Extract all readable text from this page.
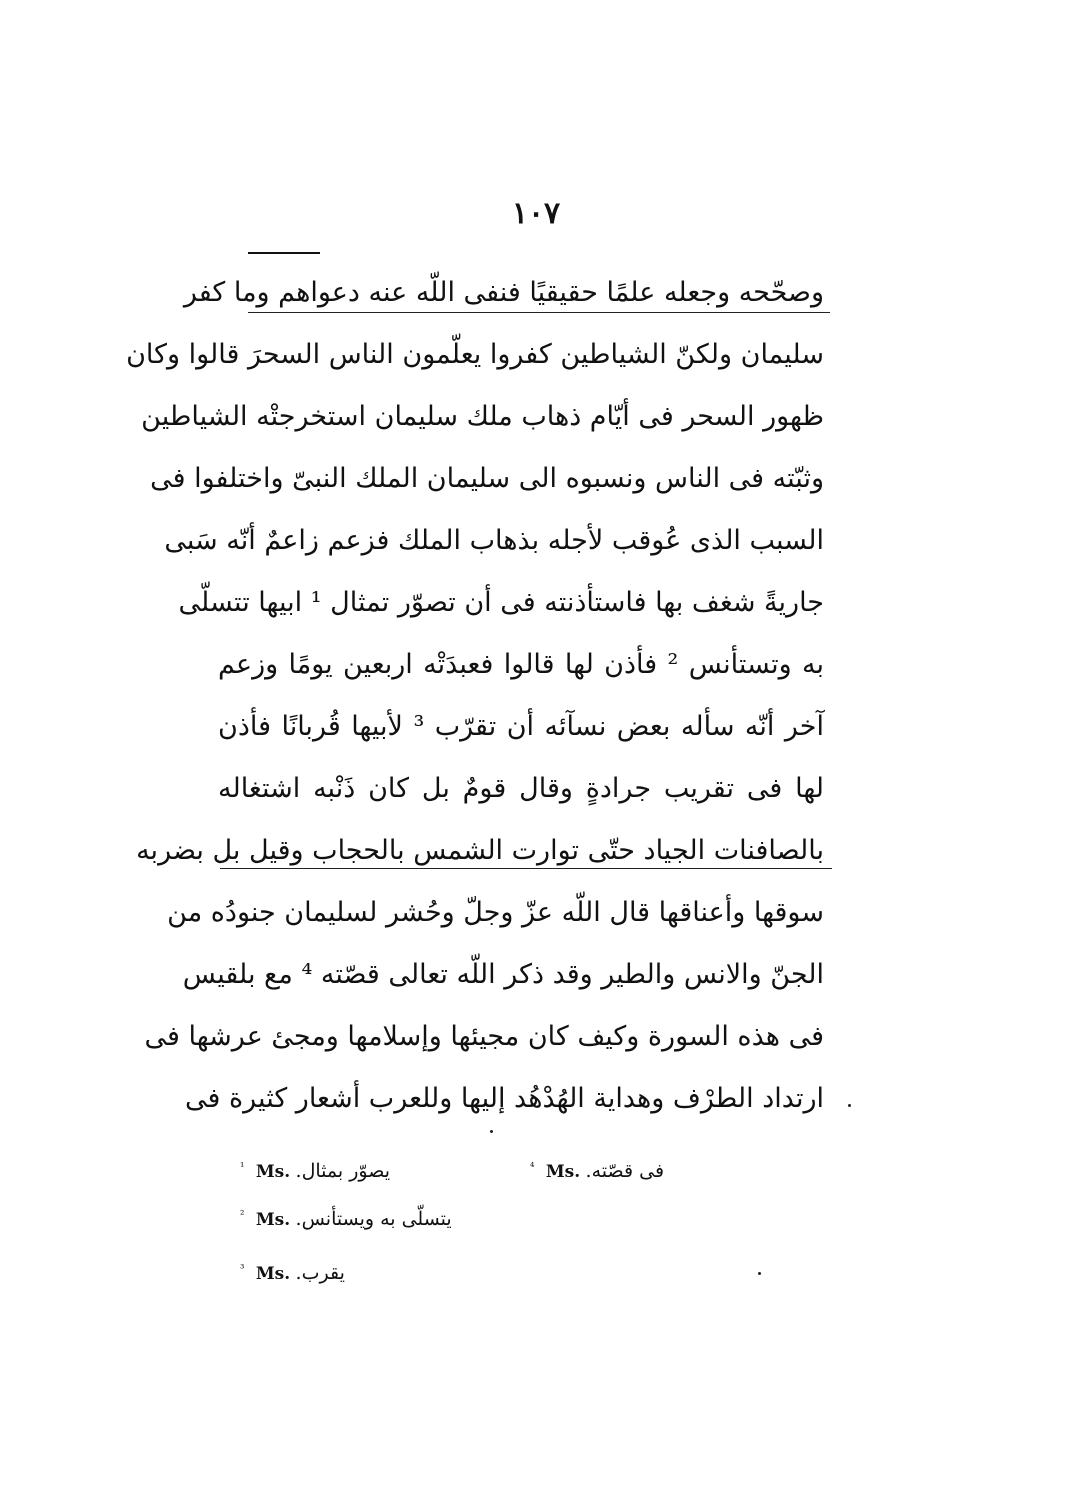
١٠٧
وصحّحه وجعله علمًا حقيقيًا فنفى اللّه عنه دعواهم وما كفر
سليمان ولكنّ الشياطين كفروا يعلّمون الناس السحرَ قالوا وكان
ظهور السحر فى أيّام ذهاب ملك سليمان استخرجتْه الشياطين
وثبّته فى الناس ونسبوه الى سليمان الملك النبىّ واختلفوا فى
السبب الذى عُوقب لأجله بذهاب الملك فزعم زاعمٌ أنّه سَبى
جاريةً شغف بها فاستأذنته فى أن تصوّر تمثال ¹ ابيها تتسلّى
به وتستأنس ² فأذن لها قالوا فعبدَتْه اربعين يومًا وزعم
آخر أنّه سأله بعض نسآئه أن تقرّب ³ لأبيها قُربانًا فأذن
لها فى تقريب جرادةٍ وقال قومٌ بل كان ذَنْبه اشتغاله
بالصافنات الجياد حتّى توارت الشمس بالحجاب وقيل بل بضربه
سوقها وأعناقها قال اللّه عزّ وجلّ وحُشر لسليمان جنودُه من
الجنّ والانس والطير وقد ذكر اللّه تعالى قصّته ⁴ مع بلقيس
فى هذه السورة وكيف كان مجيئها وإسلامها ومجئ عرشها فى
ارتداد الطرْف وهداية الهُدْهُد إليها وللعرب أشعار كثيرة فى
$^{^1}$ Ms. يصوّر بمثال.	$^{^4}$ Ms. فى قصّته.
$^{^2}$ Ms. يتسلّى به ويستأنس.
$^{^3}$ Ms. يقرب.
